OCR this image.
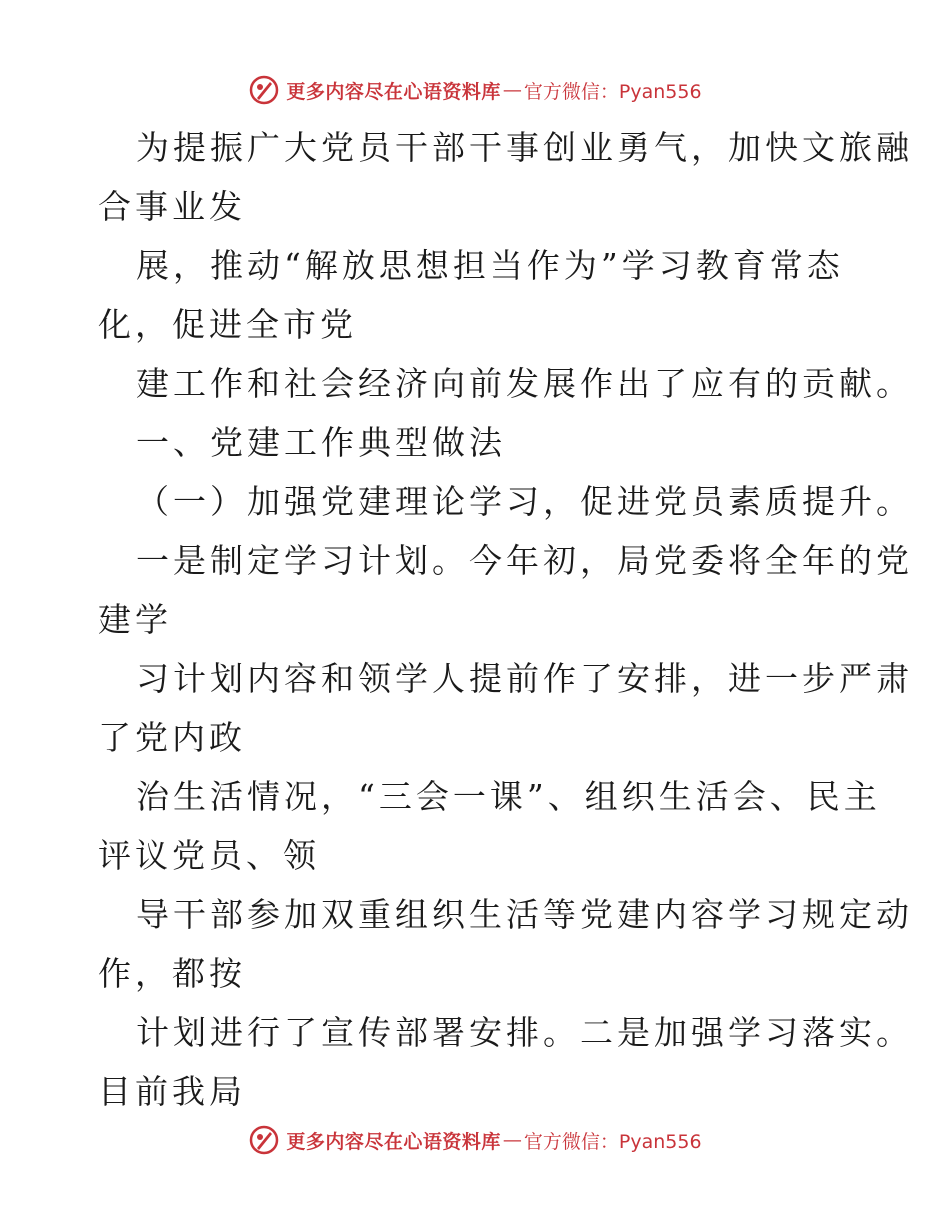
更多内容尽在心语资料库 — 官方微信：Pyan556
为提振广大党员干部干事创业勇气，加快文旅融
合事业发
展，推动“解放思想担当作为”学习教育常态
化，促进全市党
建工作和社会经济向前发展作出了应有的贡献。
一、党建工作典型做法
（一）加强党建理论学习，促进党员素质提升。
一是制定学习计划。今年初，局党委将全年的党
建学
习计划内容和领学人提前作了安排，进一步严肃
了党内政
治生活情况，“三会一课”、组织生活会、民主
评议党员、领
导干部参加双重组织生活等党建内容学习规定动
作，都按
计划进行了宣传部署安排。二是加强学习落实。
目前我局
更多内容尽在心语资料库 — 官方微信：Pyan556
